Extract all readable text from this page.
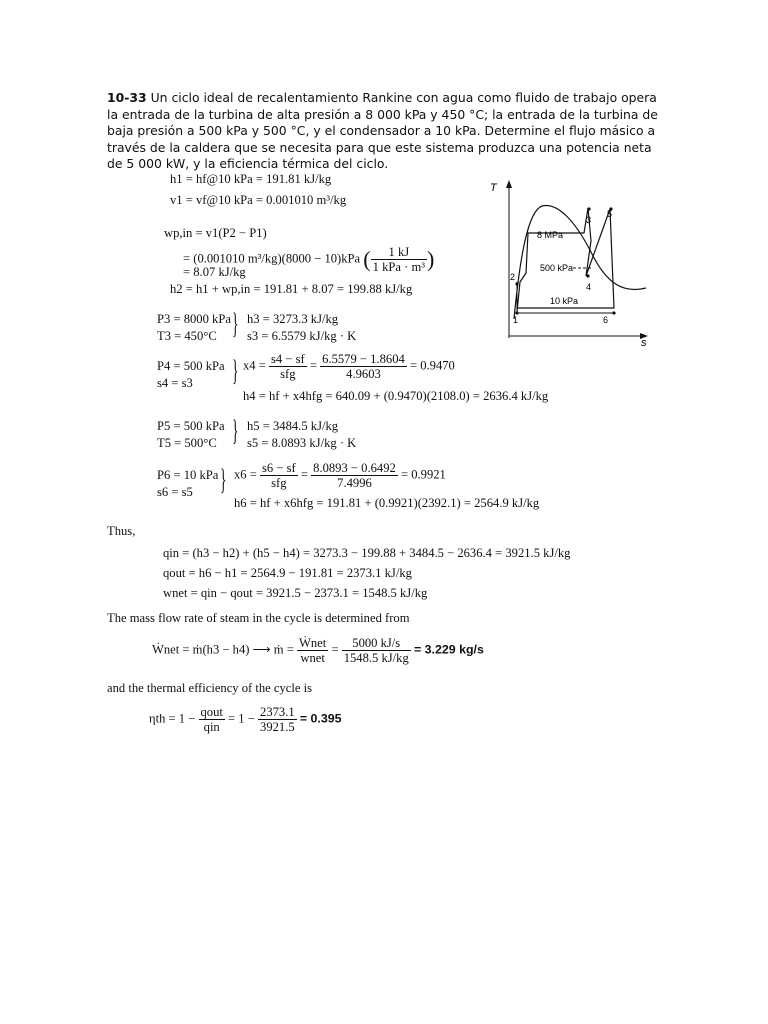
10-33 Un ciclo ideal de recalentamiento Rankine con agua como fluido de trabajo opera la entrada de la turbina de alta presión a 8 000 kPa y 450 °C; la entrada de la turbina de baja presión a 500 kPa y 500 °C, y el condensador a 10 kPa. Determine el flujo másico a través de la caldera que se necesita para que este sistema produzca una potencia neta de 5 000 kW, y la eficiencia térmica del ciclo.
h1 = hf@10 kPa = 191.81 kJ/kg
v1 = vf@10 kPa = 0.001010 m³/kg
wp,in = v1(P2 − P1)
= (0.001010 m³/kg)(8000 − 10)kPa ( $\frac{1 kJ}{\text{1 kPa · m³}}$ )
= 8.07 kJ/kg
h2 = h1 + wp,in = 191.81 + 8.07 = 199.88 kJ/kg
P3 = 8000 kPa
T3 = 450°C } h3 = 3273.3 kJ/kg
s3 = 6.5579 kJ/kg · K
P4 = 500 kPa
s4 = s3 } $x4 = \frac{s4 - sf}{\text{sfg}} = \frac{6.5579 - 1.8604}{4.9603} = 0.9470$
h4 = hf + x4hfg = 640.09 + (0.9470)(2108.0) = 2636.4 kJ/kg
P5 = 500 kPa
T5 = 500°C } h5 = 3484.5 kJ/kg
s5 = 8.0893 kJ/kg · K
P6 = 10 kPa
s6 = s5 } $x6 = \frac{s6 - sf}{\text{sfg}} = \frac{8.0893 - 0.6492}{7.4996} = 0.9921$
h6 = hf + x6hfg = 191.81 + (0.9921)(2392.1) = 2564.9 kJ/kg
Thus,
qin = (h3 − h2) + (h5 − h4) = 3273.3 − 199.88 + 3484.5 − 2636.4 = 3921.5 kJ/kg
qout = h6 − h1 = 2564.9 − 191.81 = 2373.1 kJ/kg
wnet = qin − qout = 3921.5 − 2373.1 = 1548.5 kJ/kg
The mass flow rate of steam in the cycle is determined from
Ẇnet = ṁ(h3 − h4) ⟶ ṁ = $\frac{\text{Ẇnet}}{\text{wnet}} = \frac{5000 kJ/s}{1548.5 kJ/kg} = 3.229$ kg/s
and the thermal efficiency of the cycle is
$\eta th = 1 - \frac{\text{qout}}{\text{qin}} = 1 - \frac{2373.1}{3921.5} = 0.395$
T
s
8 MPa
500 kPa
10 kPa
1
2
3
4
5
6
